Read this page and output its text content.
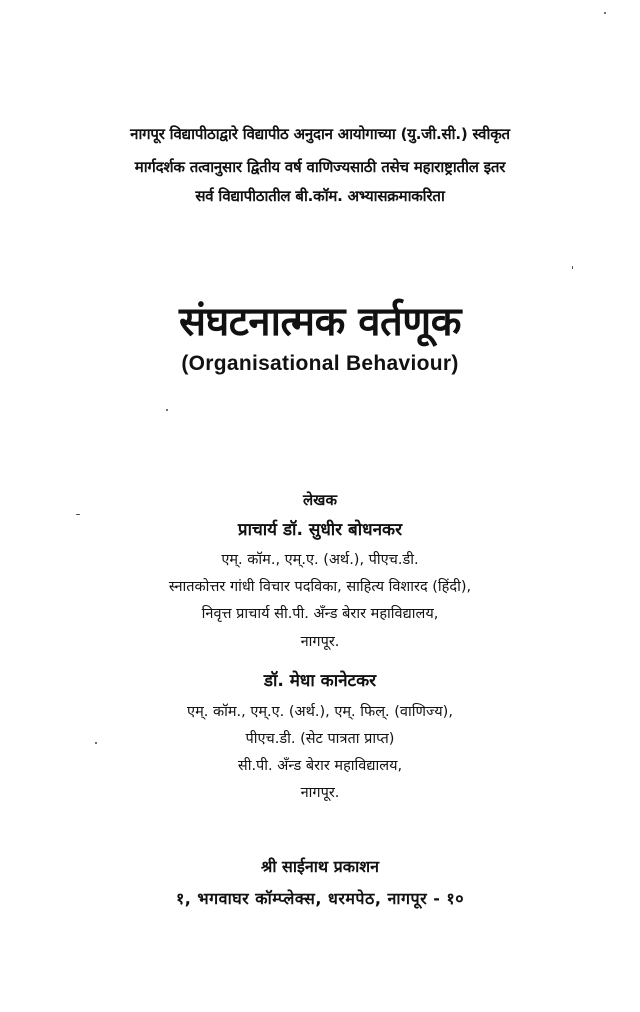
नागपूर विद्यापीठाद्वारे विद्यापीठ अनुदान आयोगाच्या (यु.जी.सी.) स्वीकृत
मार्गदर्शक तत्वानुसार द्वितीय वर्ष वाणिज्यसाठी तसेच महाराष्ट्रातील इतर
सर्व विद्यापीठातील बी.कॉम. अभ्यासक्रमाकरिता
संघटनात्मक वर्तणूक
(Organisational Behaviour)
लेखक
प्राचार्य डॉ. सुधीर बोधनकर
एम्. कॉम., एम्.ए. (अर्थ.), पीएच.डी.
स्नातकोत्तर गांधी विचार पदविका, साहित्य विशारद (हिंदी),
निवृत्त प्राचार्य सी.पी. अँन्ड बेरार महाविद्यालय,
नागपूर.
डॉ. मेधा कानेटकर
एम्. कॉम., एम्.ए. (अर्थ.), एम्. फिल्. (वाणिज्य),
पीएच.डी. (सेट पात्रता प्राप्त)
सी.पी. अँन्ड बेरार महाविद्यालय,
नागपूर.
श्री साईनाथ प्रकाशन
१, भगवाघर कॉम्प्लेक्स, धरमपेठ, नागपूर - १०
